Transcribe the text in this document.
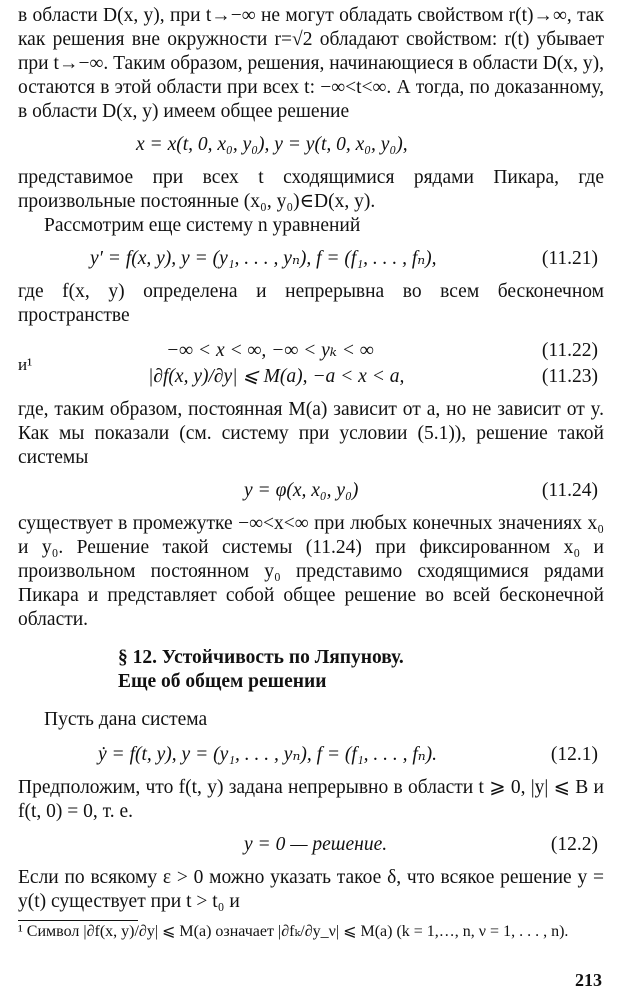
в области D(x, y), при t→−∞ не могут обладать свойством r(t)→∞, так как решения вне окружности r=√2 обладают свойством: r(t) убывает при t→−∞. Таким образом, решения, начинающиеся в области D(x, y), остаются в этой области при всех t: −∞<t<∞. А тогда, по доказанному, в области D(x, y) имеем общее решение

x = x(t, 0, x₀, y₀), y = y(t, 0, x₀, y₀),

представимое при всех t сходящимися рядами Пикара, где произвольные постоянные (x₀, y₀)∈D(x, y).

Рассмотрим еще систему n уравнений

y′ = f(x, y), y = (y₁, . . . , yₙ), f = (f₁, . . . , fₙ),	(11.21)

где f(x, y) определена и непрерывна во всем бесконечном пространстве

−∞ < x < ∞, −∞ < yₖ < ∞	(11.22)
и¹
|∂f(x, y)/∂y| ⩽ M(a), −a < x < a,	(11.23)

где, таким образом, постоянная M(a) зависит от a, но не зависит от y. Как мы показали (см. систему при условии (5.1)), решение такой системы

y = φ(x, x₀, y₀)	(11.24)

существует в промежутке −∞<x<∞ при любых конечных значениях x₀ и y₀. Решение такой системы (11.24) при фиксированном x₀ и произвольном постоянном y₀ представимо сходящимися рядами Пикара и представляет собой общее решение во всей бесконечной области.

§ 12. Устойчивость по Ляпунову.
Еще об общем решении

Пусть дана система

ẏ = f(t, y), y = (y₁, . . . , yₙ), f = (f₁, . . . , fₙ).	(12.1)

Предположим, что f(t, y) задана непрерывно в области t ⩾ 0, |y| ⩽ B и f(t, 0) = 0, т. е.

y = 0 — решение.	(12.2)

Если по всякому ε > 0 можно указать такое δ, что всякое решение y = y(t) существует при t > t₀ и

¹ Символ |∂f(x, y)/∂y| ⩽ M(a) означает |∂fₖ/∂y_ν| ⩽ M(a) (k = 1,…, n, ν = 1, . . . , n).

213
